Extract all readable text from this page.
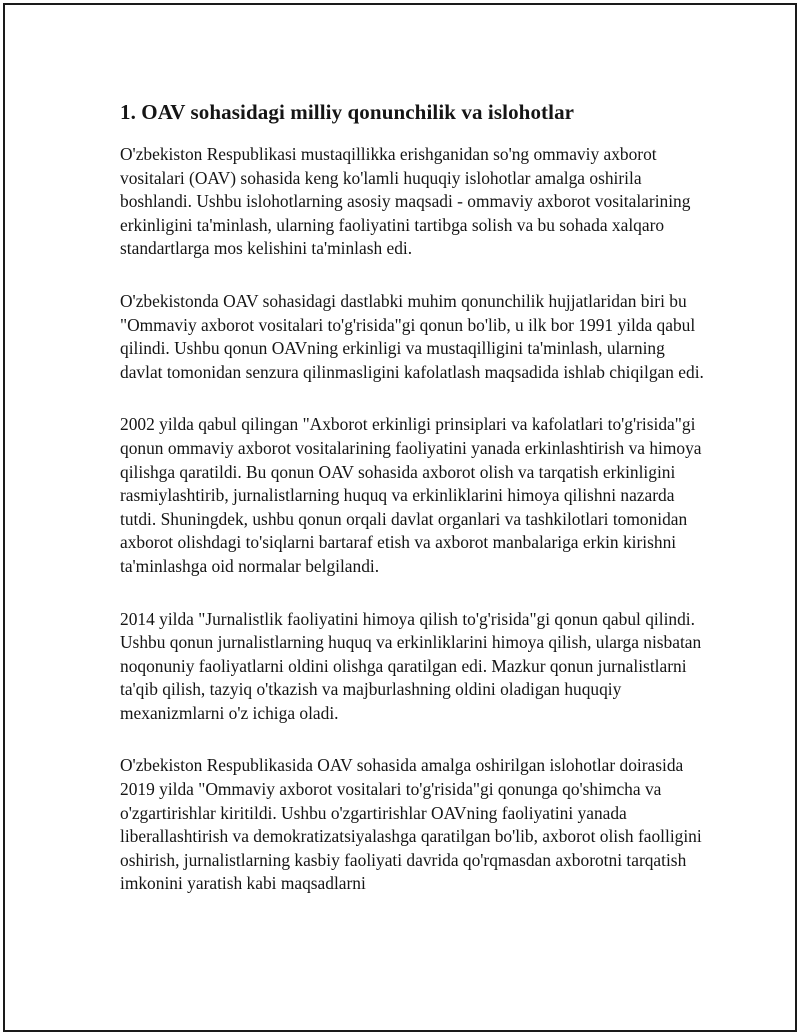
1. OAV sohasidagi milliy qonunchilik va islohotlar

O'zbekiston Respublikasi mustaqillikka erishganidan so'ng ommaviy axborot vositalari (OAV) sohasida keng ko'lamli huquqiy islohotlar amalga oshirila boshlandi. Ushbu islohotlarning asosiy maqsadi - ommaviy axborot vositalarining erkinligini ta'minlash, ularning faoliyatini tartibga solish va bu sohada xalqaro standartlarga mos kelishini ta'minlash edi.

O'zbekistonda OAV sohasidagi dastlabki muhim qonunchilik hujjatlaridan biri bu "Ommaviy axborot vositalari to'g'risida"gi qonun bo'lib, u ilk bor 1991 yilda qabul qilindi. Ushbu qonun OAVning erkinligi va mustaqilligini ta'minlash, ularning davlat tomonidan senzura qilinmasligini kafolatlash maqsadida ishlab chiqilgan edi.

2002 yilda qabul qilingan "Axborot erkinligi prinsiplari va kafolatlari to'g'risida"gi qonun ommaviy axborot vositalarining faoliyatini yanada erkinlashtirish va himoya qilishga qaratildi. Bu qonun OAV sohasida axborot olish va tarqatish erkinligini rasmiylashtirib, jurnalistlarning huquq va erkinliklarini himoya qilishni nazarda tutdi. Shuningdek, ushbu qonun orqali davlat organlari va tashkilotlari tomonidan axborot olishdagi to'siqlarni bartaraf etish va axborot manbalariga erkin kirishni ta'minlashga oid normalar belgilandi.

2014 yilda "Jurnalistlik faoliyatini himoya qilish to'g'risida"gi qonun qabul qilindi. Ushbu qonun jurnalistlarning huquq va erkinliklarini himoya qilish, ularga nisbatan noqonuniy faoliyatlarni oldini olishga qaratilgan edi. Mazkur qonun jurnalistlarni ta'qib qilish, tazyiq o'tkazish va majburlashning oldini oladigan huquqiy mexanizmlarni o'z ichiga oladi.

O'zbekiston Respublikasida OAV sohasida amalga oshirilgan islohotlar doirasida 2019 yilda "Ommaviy axborot vositalari to'g'risida"gi qonunga qo'shimcha va o'zgartirishlar kiritildi. Ushbu o'zgartirishlar OAVning faoliyatini yanada liberallashtirish va demokratizatsiyalashga qaratilgan bo'lib, axborot olish faolligini oshirish, jurnalistlarning kasbiy faoliyati davrida qo'rqmasdan axborotni tarqatish imkonini yaratish kabi maqsadlarni
